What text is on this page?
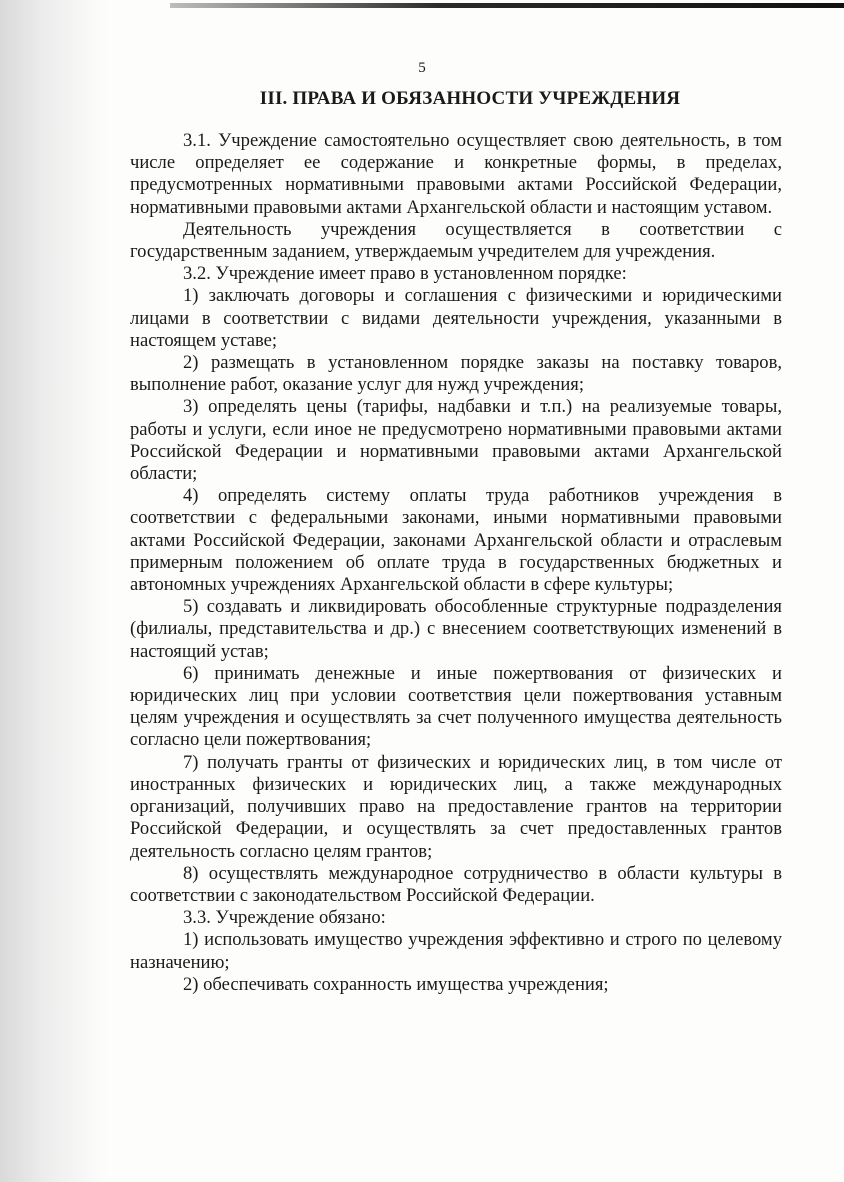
5
III. ПРАВА И ОБЯЗАННОСТИ УЧРЕЖДЕНИЯ

3.1. Учреждение самостоятельно осуществляет свою деятельность, в том числе определяет ее содержание и конкретные формы, в пределах, предусмотренных нормативными правовыми актами Российской Федерации, нормативными правовыми актами Архангельской области и настоящим уставом.

Деятельность учреждения осуществляется в соответствии с государственным заданием, утверждаемым учредителем для учреждения.

3.2. Учреждение имеет право в установленном порядке:

1) заключать договоры и соглашения с физическими и юридическими лицами в соответствии с видами деятельности учреждения, указанными в настоящем уставе;

2) размещать в установленном порядке заказы на поставку товаров, выполнение работ, оказание услуг для нужд учреждения;

3) определять цены (тарифы, надбавки и т.п.) на реализуемые товары, работы и услуги, если иное не предусмотрено нормативными правовыми актами Российской Федерации и нормативными правовыми актами Архангельской области;

4) определять систему оплаты труда работников учреждения в соответствии с федеральными законами, иными нормативными правовыми актами Российской Федерации, законами Архангельской области и отраслевым примерным положением об оплате труда в государственных бюджетных и автономных учреждениях Архангельской области в сфере культуры;

5) создавать и ликвидировать обособленные структурные подразделения (филиалы, представительства и др.) с внесением соответствующих изменений в настоящий устав;

6) принимать денежные и иные пожертвования от физических и юридических лиц при условии соответствия цели пожертвования уставным целям учреждения и осуществлять за счет полученного имущества деятельность согласно цели пожертвования;

7) получать гранты от физических и юридических лиц, в том числе от иностранных физических и юридических лиц, а также международных организаций, получивших право на предоставление грантов на территории Российской Федерации, и осуществлять за счет предоставленных грантов деятельность согласно целям грантов;

8) осуществлять международное сотрудничество в области культуры в соответствии с законодательством Российской Федерации.

3.3. Учреждение обязано:

1) использовать имущество учреждения эффективно и строго по целевому назначению;

2) обеспечивать сохранность имущества учреждения;
